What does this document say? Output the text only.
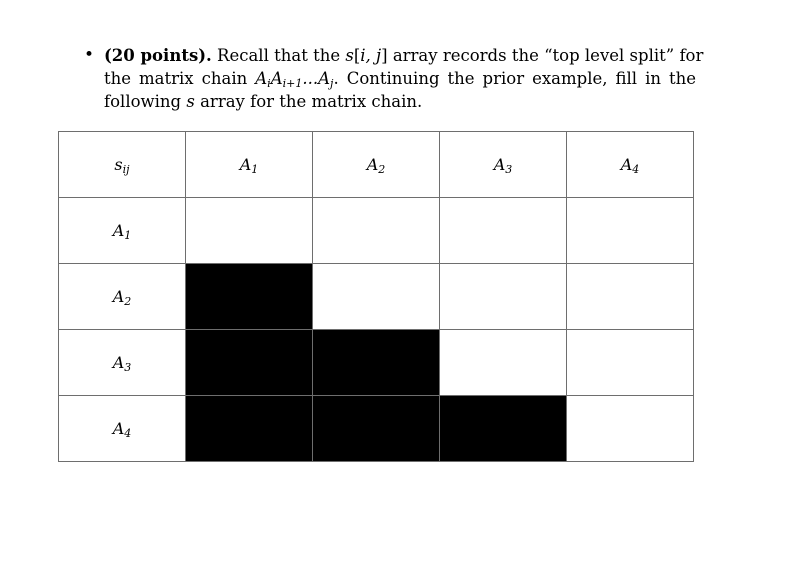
• (20 points). Recall that the s[i, j] array records the “top level split” for
the matrix chain $A_iA_{i+1}...A_j$. Continuing the prior example, fill in the
following s array for the matrix chain.
$s_{ij}$	$A_1$	$A_2$	$A_3$	$A_4$
$A_1$				
$A_2$				
$A_3$				
$A_4$				
